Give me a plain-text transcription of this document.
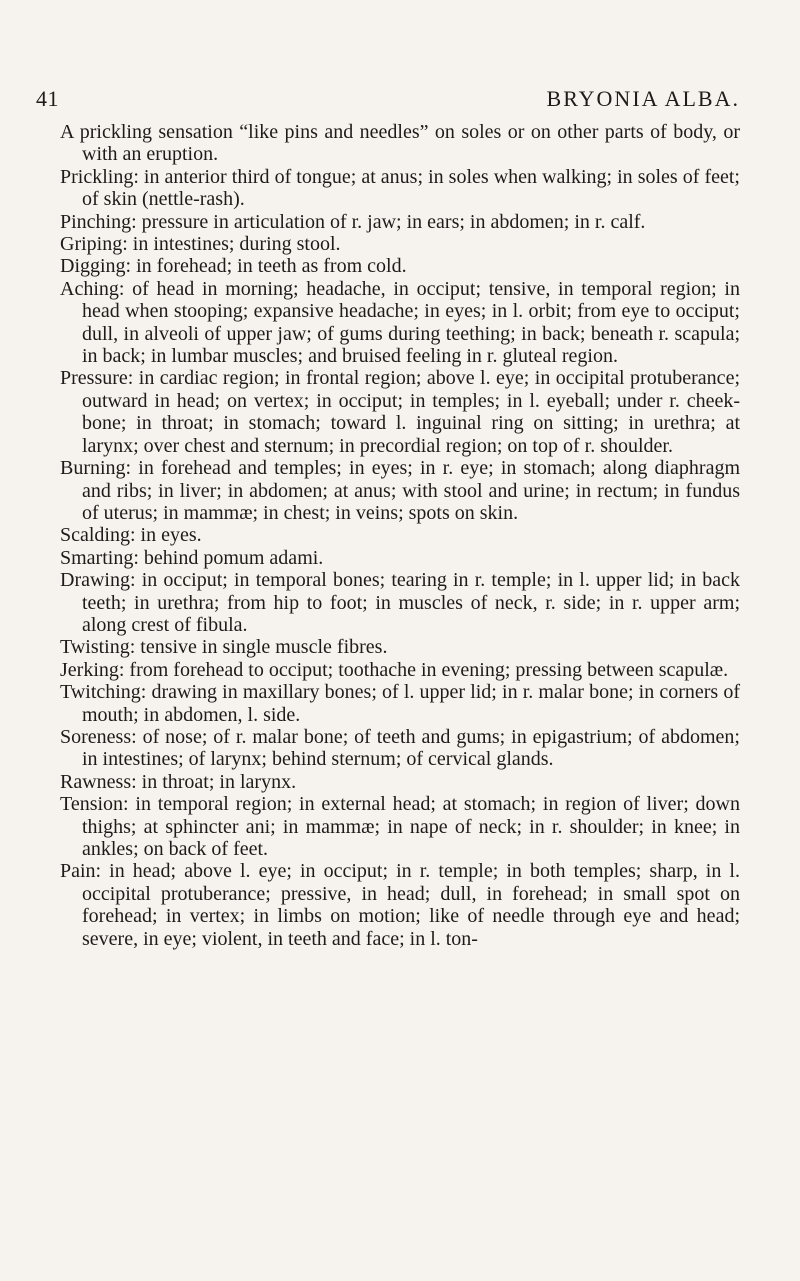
41	BRYONIA ALBA.

A prickling sensation “like pins and needles” on soles or on other parts of body, or with an eruption.

Prickling: in anterior third of tongue; at anus; in soles when walking; in soles of feet; of skin (nettle-rash).

Pinching: pressure in articulation of r. jaw; in ears; in abdomen; in r. calf.

Griping: in intestines; during stool.

Digging: in forehead; in teeth as from cold.

Aching: of head in morning; headache, in occiput; tensive, in temporal region; in head when stooping; expansive headache; in eyes; in l. orbit; from eye to occiput; dull, in alveoli of upper jaw; of gums during teething; in back; beneath r. scapula; in back; in lumbar muscles; and bruised feeling in r. gluteal region.

Pressure: in cardiac region; in frontal region; above l. eye; in occipital protuberance; outward in head; on vertex; in occiput; in temples; in l. eyeball; under r. cheek-bone; in throat; in stomach; toward l. inguinal ring on sitting; in urethra; at larynx; over chest and sternum; in precordial region; on top of r. shoulder.

Burning: in forehead and temples; in eyes; in r. eye; in stomach; along diaphragm and ribs; in liver; in abdomen; at anus; with stool and urine; in rectum; in fundus of uterus; in mammæ; in chest; in veins; spots on skin.

Scalding: in eyes.

Smarting: behind pomum adami.

Drawing: in occiput; in temporal bones; tearing in r. temple; in l. upper lid; in back teeth; in urethra; from hip to foot; in muscles of neck, r. side; in r. upper arm; along crest of fibula.

Twisting: tensive in single muscle fibres.

Jerking: from forehead to occiput; toothache in evening; pressing between scapulæ.

Twitching: drawing in maxillary bones; of l. upper lid; in r. malar bone; in corners of mouth; in abdomen, l. side.

Soreness: of nose; of r. malar bone; of teeth and gums; in epigastrium; of abdomen; in intestines; of larynx; behind sternum; of cervical glands.

Rawness: in throat; in larynx.

Tension: in temporal region; in external head; at stomach; in region of liver; down thighs; at sphincter ani; in mammæ; in nape of neck; in r. shoulder; in knee; in ankles; on back of feet.

Pain: in head; above l. eye; in occiput; in r. temple; in both temples; sharp, in l. occipital protuberance; pressive, in head; dull, in forehead; in small spot on forehead; in vertex; in limbs on motion; like of needle through eye and head; severe, in eye; violent, in teeth and face; in l. ton-
